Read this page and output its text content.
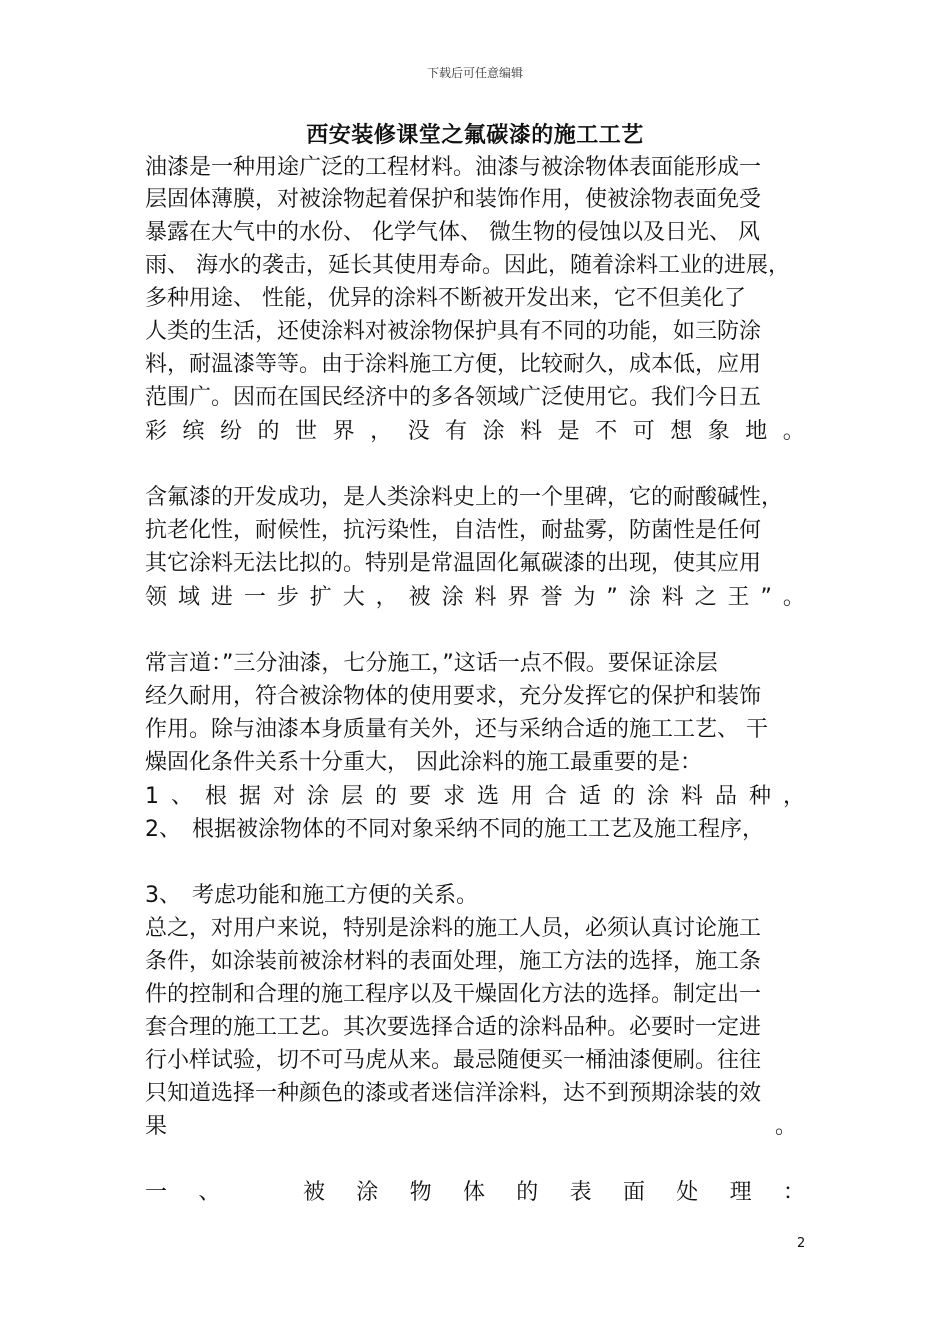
下载后可任意编辑
西安装修课堂之氟碳漆的施工工艺
油漆是一种用途广泛的工程材料。油漆与被涂物体表面能形成一
层固体薄膜，对被涂物起着保护和装饰作用，使被涂物表面免受
暴露在大气中的水份、 化学气体、 微生物的侵蚀以及日光、 风
雨、 海水的袭击，延长其使用寿命。因此，随着涂料工业的进展，
多种用途、 性能，优异的涂料不断被开发出来，它不但美化了
人类的生活，还使涂料对被涂物保护具有不同的功能，如三防涂
料，耐温漆等等。由于涂料施工方便，比较耐久，成本低，应用
范围广。因而在国民经济中的多各领域广泛使用它。我们今日五
彩 缤 纷 的 世 界 ， 没 有 涂 料 是 不 可 想 象 地 。
含氟漆的开发成功，是人类涂料史上的一个里碑，它的耐酸碱性，
抗老化性，耐候性，抗污染性，自洁性，耐盐雾，防菌性是任何
其它涂料无法比拟的。特别是常温固化氟碳漆的出现，使其应用
领 域 进 一 步 扩 大 ， 被 涂 料 界 誉 为 ” 涂 料 之 王 ” 。
常言道：”三分油漆，七分施工，”这话一点不假。要保证涂层
经久耐用，符合被涂物体的使用要求，充分发挥它的保护和装饰
作用。除与油漆本身质量有关外，还与采纳合适的施工工艺、 干
燥固化条件关系十分重大， 因此涂料的施工最重要的是：
1 、 根 据 对 涂 层 的 要 求 选 用 合 适 的 涂 料 品 种 ，
2、　根据被涂物体的不同对象采纳不同的施工工艺及施工程序，
3、　考虑功能和施工方便的关系。
总之，对用户来说，特别是涂料的施工人员，必须认真讨论施工
条件，如涂装前被涂材料的表面处理，施工方法的选择，施工条
件的控制和合理的施工程序以及干燥固化方法的选择。制定出一
套合理的施工工艺。其次要选择合适的涂料品种。必要时一定进
行小样试验，切不可马虎从来。最忌随便买一桶油漆便刷。往往
只知道选择一种颜色的漆或者迷信洋涂料，达不到预期涂装的效
果	。
一 、	被 涂 物 体 的 表 面 处 理 ：
2
